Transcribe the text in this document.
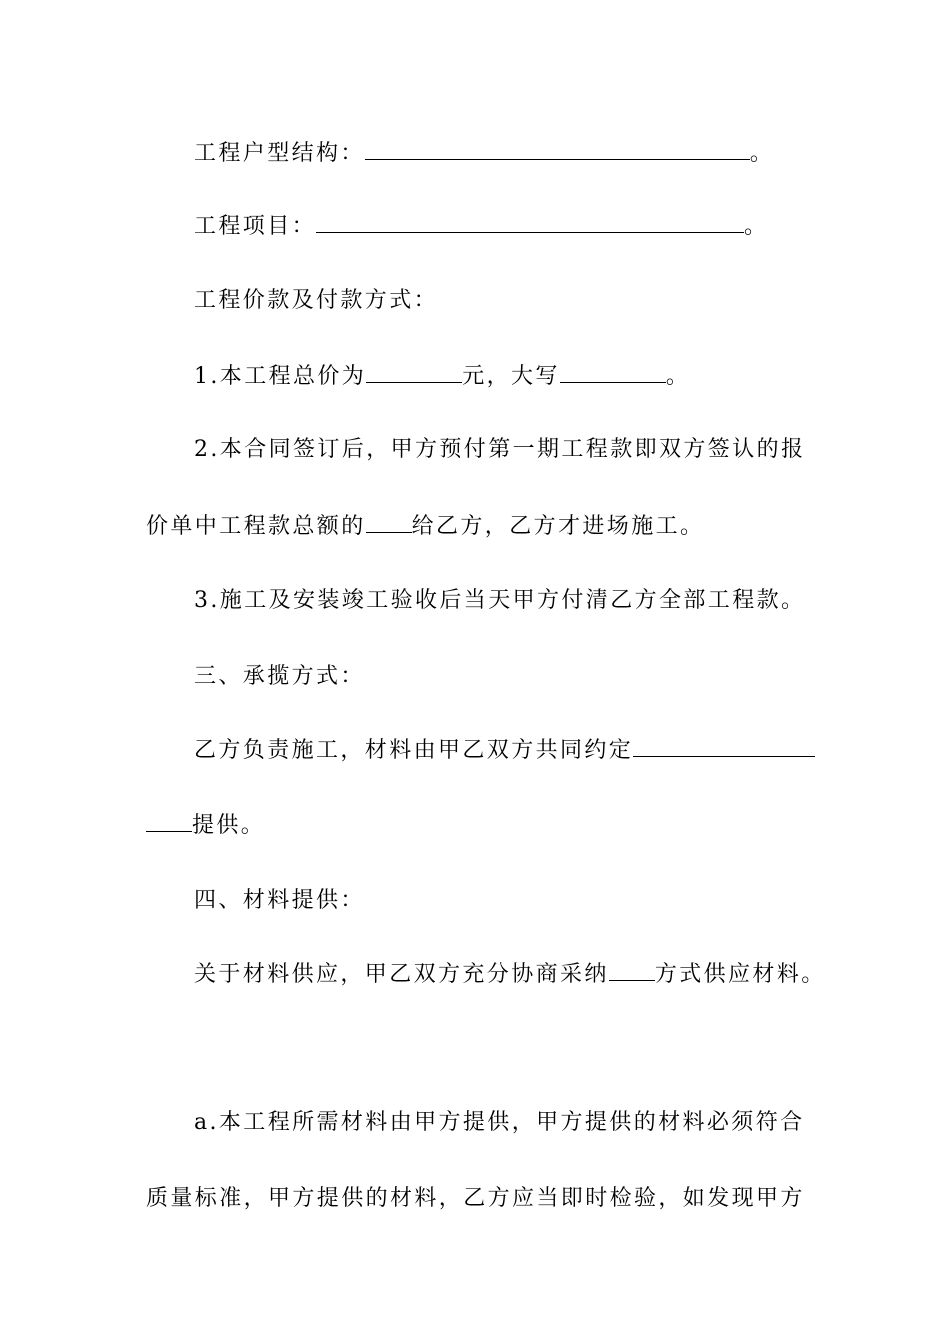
工程户型结构：	。
工程项目：	。
工程价款及付款方式：
1.本工程总价为	元，大写	。
2.本合同签订后，甲方预付第一期工程款即双方签认的报
价单中工程款总额的 给乙方，乙方才进场施工。
3.施工及安装竣工验收后当天甲方付清乙方全部工程款。
三、承揽方式：
乙方负责施工，材料由甲乙双方共同约定
提供。
四、材料提供：
关于材料供应，甲乙双方充分协商采纳 方式供应材料。
a.本工程所需材料由甲方提供，甲方提供的材料必须符合
质量标准，甲方提供的材料，乙方应当即时检验，如发现甲方
